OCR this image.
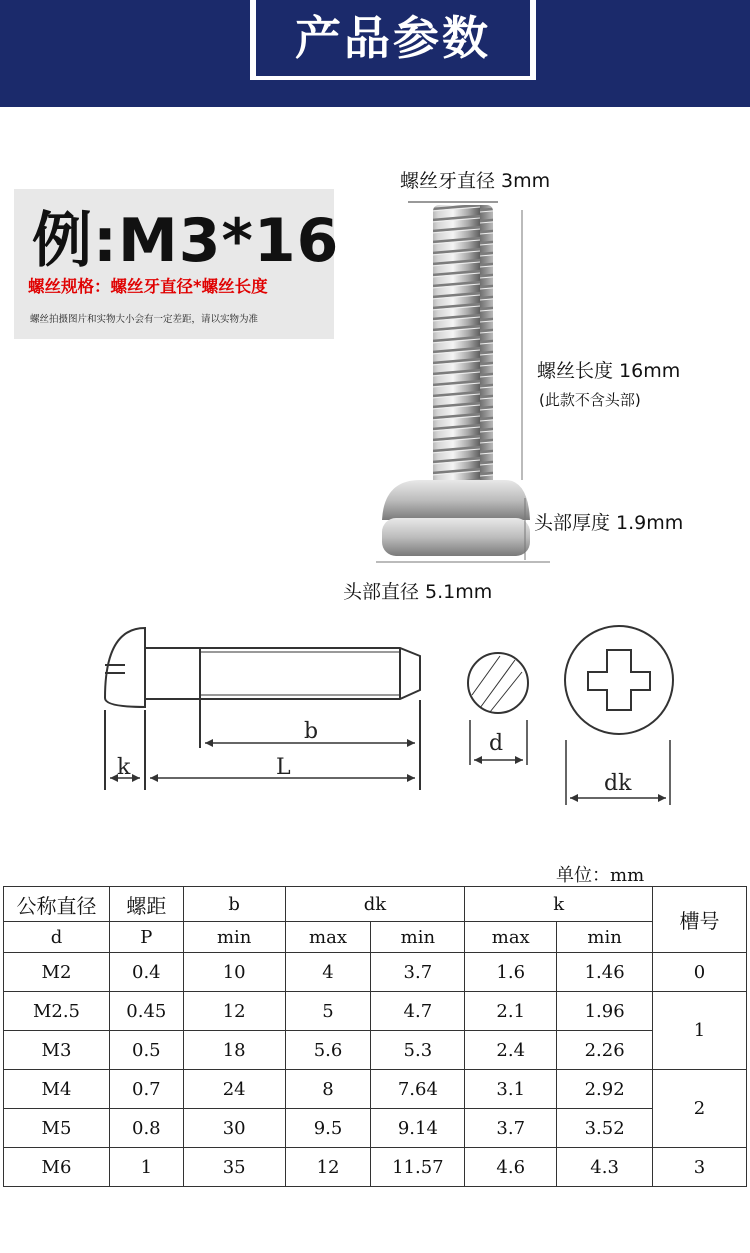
产品参数
例:M3*16
螺丝规格：螺丝牙直径*螺丝长度
螺丝拍摄图片和实物大小会有一定差距，请以实物为准
螺丝牙直径 3mm
螺丝长度 16mm
(此款不含头部)
头部厚度 1.9mm
头部直径 5.1mm
b
L
k
d
dk
单位：mm
公称直径	螺距	b	dk		k		槽号
d	P	min	max	min	max	min	
M2	0.4	10	4	3.7	1.6	1.46	0
M2.5	0.45	12	5	4.7	2.1	1.96	1
M3	0.5	18	5.6	5.3	2.4	2.26	
M4	0.7	24	8	7.64	3.1	2.92	2
M5	0.8	30	9.5	9.14	3.7	3.52	
M6	1	35	12	11.57	4.6	4.3	3
